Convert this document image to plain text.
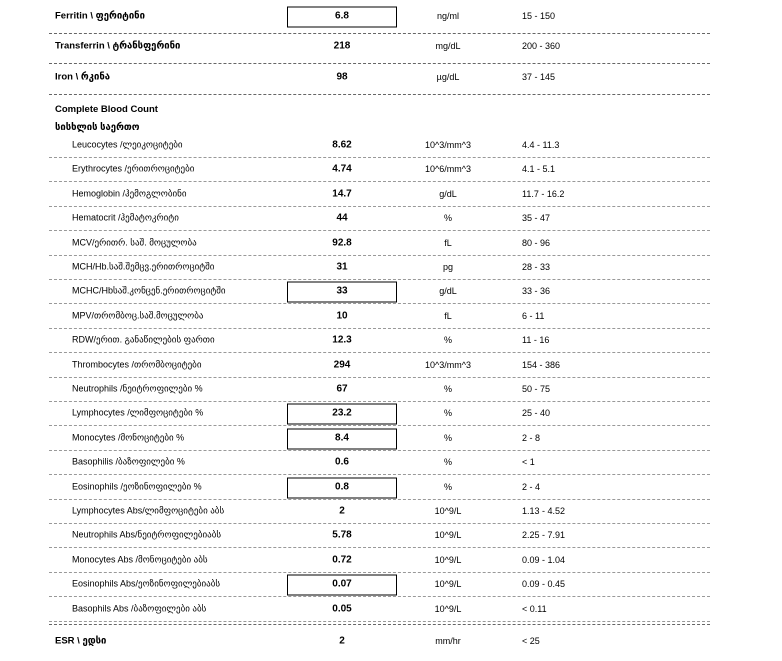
Ferritin \ ფერიტინი	6.8	ng/ml	15 - 150
Transferrin \ ტრანსფერინი	218	mg/dL	200 - 360
Iron \ რკინა	98	µg/dL	37 - 145
Complete Blood Count
სისხლის საერთო
Leucocytes /ლეიკოციტები	8.62	10^3/mm^3	4.4 - 11.3
Erythrocytes /ერითროციტები	4.74	10^6/mm^3	4.1 - 5.1
Hemoglobin /ჰემოგლობინი	14.7	g/dL	11.7 - 16.2
Hematocrit /ჰემატოკრიტი	44	%	35 - 47
MCV/ერითრ. საშ. მოცულობა	92.8	fL	80 - 96
MCH/Hb.საშ.შემცვ.ერითროციტში	31	pg	28 - 33
MCHC/Hbსაშ.კონცენ.ერითროციტში	33	g/dL	33 - 36
MPV/თრომბოც.საშ.მოცულობა	10	fL	6 - 11
RDW/ერით. განაწილების ფართი	12.3	%	11 - 16
Thrombocytes /თრომბოციტები	294	10^3/mm^3	154 - 386
Neutrophils /ნეიტროფილები %	67	%	50 - 75
Lymphocytes /ლიმფოციტები %	23.2	%	25 - 40
Monocytes /მონოციტები %	8.4	%	2 - 8
Basophilis /ბაზოფილები %	0.6	%	< 1
Eosinophils /ეოზინოფილები %	0.8	%	2 - 4
Lymphocytes Abs/ლიმფოციტები აბს	2	10^9/L	1.13 - 4.52
Neutrophils Abs/ნეიტროფილებიაბს	5.78	10^9/L	2.25 - 7.91
Monocytes Abs /მონოციტები აბს	0.72	10^9/L	0.09 - 1.04
Eosinophils Abs/ეოზინოფილებიაბს	0.07	10^9/L	0.09 - 0.45
Basophils Abs /ბაზოფილები აბს	0.05	10^9/L	< 0.11
ESR \ ედსი	2	mm/hr	< 25
